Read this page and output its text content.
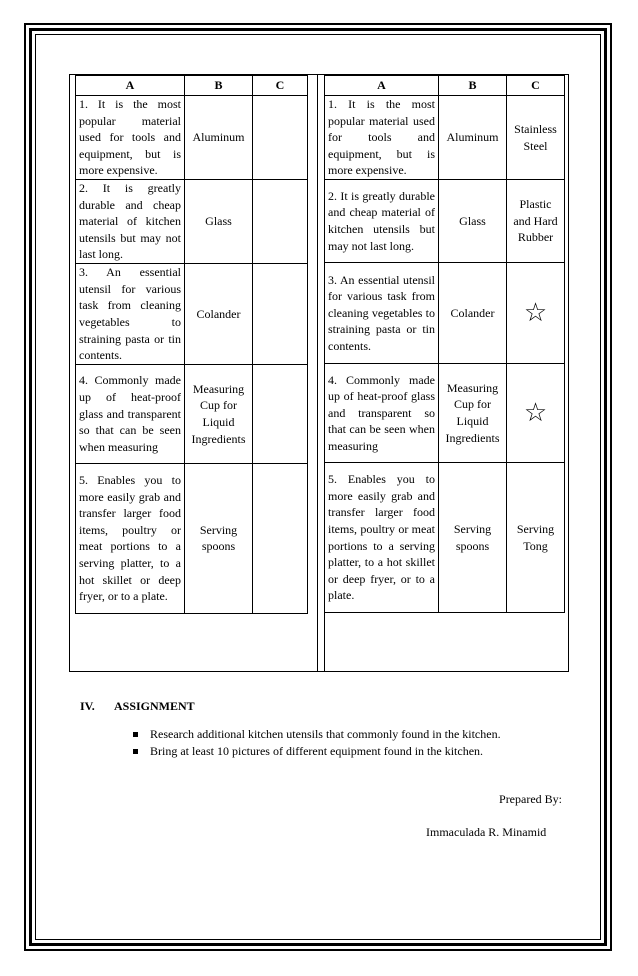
A	B	C
1. It is the most popular material used for tools and equipment, but is more expensive.	Aluminum	
2. It is greatly durable and cheap material of kitchen utensils but may not last long.	Glass	
3. An essential utensil for various task from cleaning vegetables to straining pasta or tin contents.	Colander	
4. Commonly made up of heat-proof glass and transparent so that can be seen when measuring	Measuring Cup for Liquid Ingredients	
5. Enables you to more easily grab and transfer larger food items, poultry or meat portions to a serving platter, to a hot skillet or deep fryer, or to a plate.	Serving spoons	
A	B	C
1. It is the most popular material used for tools and equipment, but is more expensive.	Aluminum	Stainless Steel
2. It is greatly durable and cheap material of kitchen utensils but may not last long.	Glass	Plastic and Hard Rubber
3. An essential utensil for various task from cleaning vegetables to straining pasta or tin contents.	Colander	☆
4. Commonly made up of heat-proof glass and transparent so that can be seen when measuring	Measuring Cup for Liquid Ingredients	☆
5. Enables you to more easily grab and transfer larger food items, poultry or meat portions to a serving platter, to a hot skillet or deep fryer, or to a plate.	Serving spoons	Serving Tong
IV. ASSIGNMENT
Research additional kitchen utensils that commonly found in the kitchen.
Bring at least 10 pictures of different equipment found in the kitchen.
Prepared By:
Immaculada R. Minamid
